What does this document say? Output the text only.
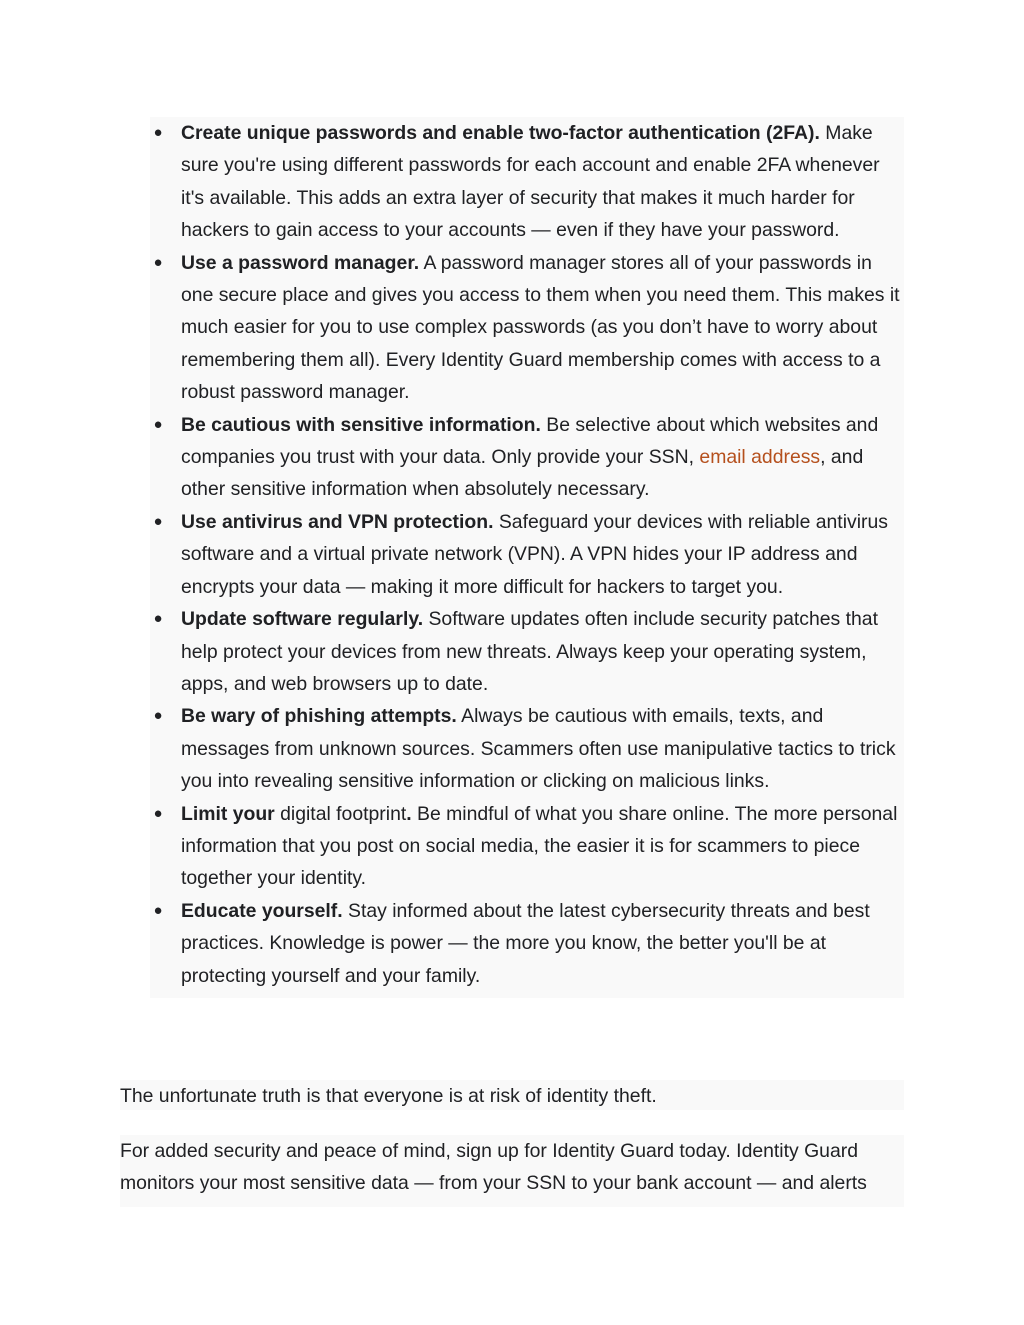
● Create unique passwords and enable two-factor authentication (2FA). Make sure you're using different passwords for each account and enable 2FA whenever it's available. This adds an extra layer of security that makes it much harder for hackers to gain access to your accounts — even if they have your password.
● Use a password manager. A password manager stores all of your passwords in one secure place and gives you access to them when you need them. This makes it much easier for you to use complex passwords (as you don’t have to worry about remembering them all). Every Identity Guard membership comes with access to a robust password manager.
● Be cautious with sensitive information. Be selective about which websites and companies you trust with your data. Only provide your SSN, email address, and other sensitive information when absolutely necessary.
● Use antivirus and VPN protection. Safeguard your devices with reliable antivirus software and a virtual private network (VPN). A VPN hides your IP address and encrypts your data — making it more difficult for hackers to target you.
● Update software regularly. Software updates often include security patches that help protect your devices from new threats. Always keep your operating system, apps, and web browsers up to date.
● Be wary of phishing attempts. Always be cautious with emails, texts, and messages from unknown sources. Scammers often use manipulative tactics to trick you into revealing sensitive information or clicking on malicious links.
● Limit your digital footprint. Be mindful of what you share online. The more personal information that you post on social media, the easier it is for scammers to piece together your identity.
● Educate yourself. Stay informed about the latest cybersecurity threats and best practices. Knowledge is power — the more you know, the better you'll be at protecting yourself and your family.

The unfortunate truth is that everyone is at risk of identity theft.

For added security and peace of mind, sign up for Identity Guard today. Identity Guard monitors your most sensitive data — from your SSN to your bank account — and alerts
